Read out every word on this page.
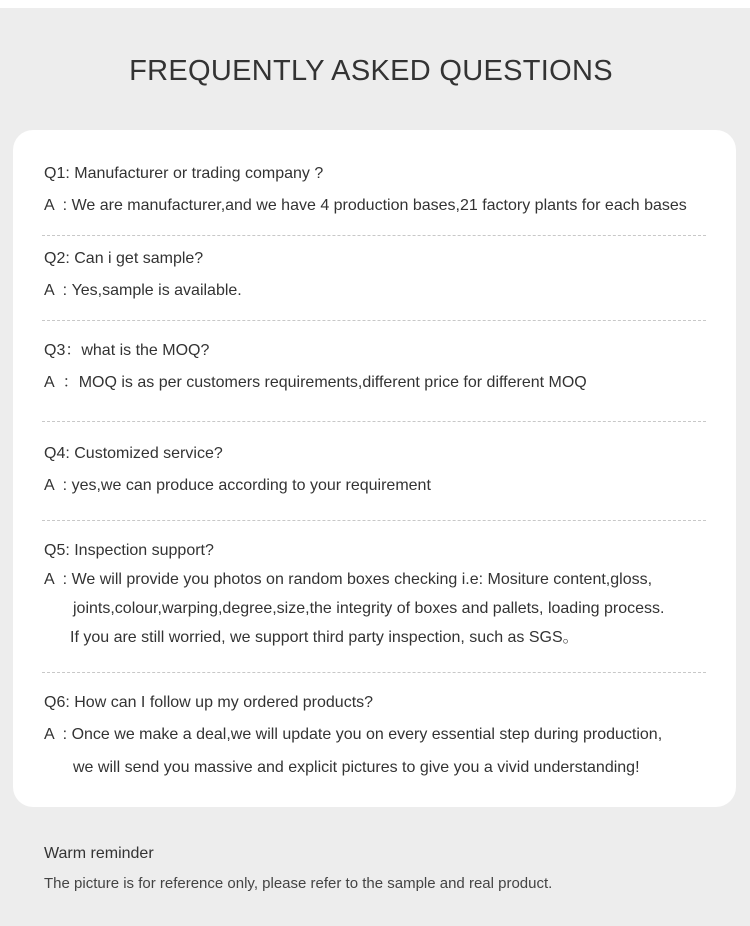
FREQUENTLY ASKED QUESTIONS
Q1: Manufacturer or trading company ?
A  : We are manufacturer,and we have 4 production bases,21 factory plants for each bases
Q2: Can i get sample?
A  : Yes,sample is available.
Q3：what is the MOQ?
A  ：MOQ is as per customers requirements,different price for different MOQ
Q4: Customized service?
A  : yes,we can produce according to your requirement
Q5: Inspection support?
A  : We will provide you photos on random boxes checking i.e: Mositure content,gloss,
joints,colour,warping,degree,size,the integrity of boxes and pallets, loading process.
If you are still worried, we support third party inspection, such as SGS。
Q6: How can I follow up my ordered products?
A  : Once we make a deal,we will update you on every essential step during production,
we will send you massive and explicit pictures to give you a vivid understanding!
Warm reminder
The picture is for reference only, please refer to the sample and real product.
